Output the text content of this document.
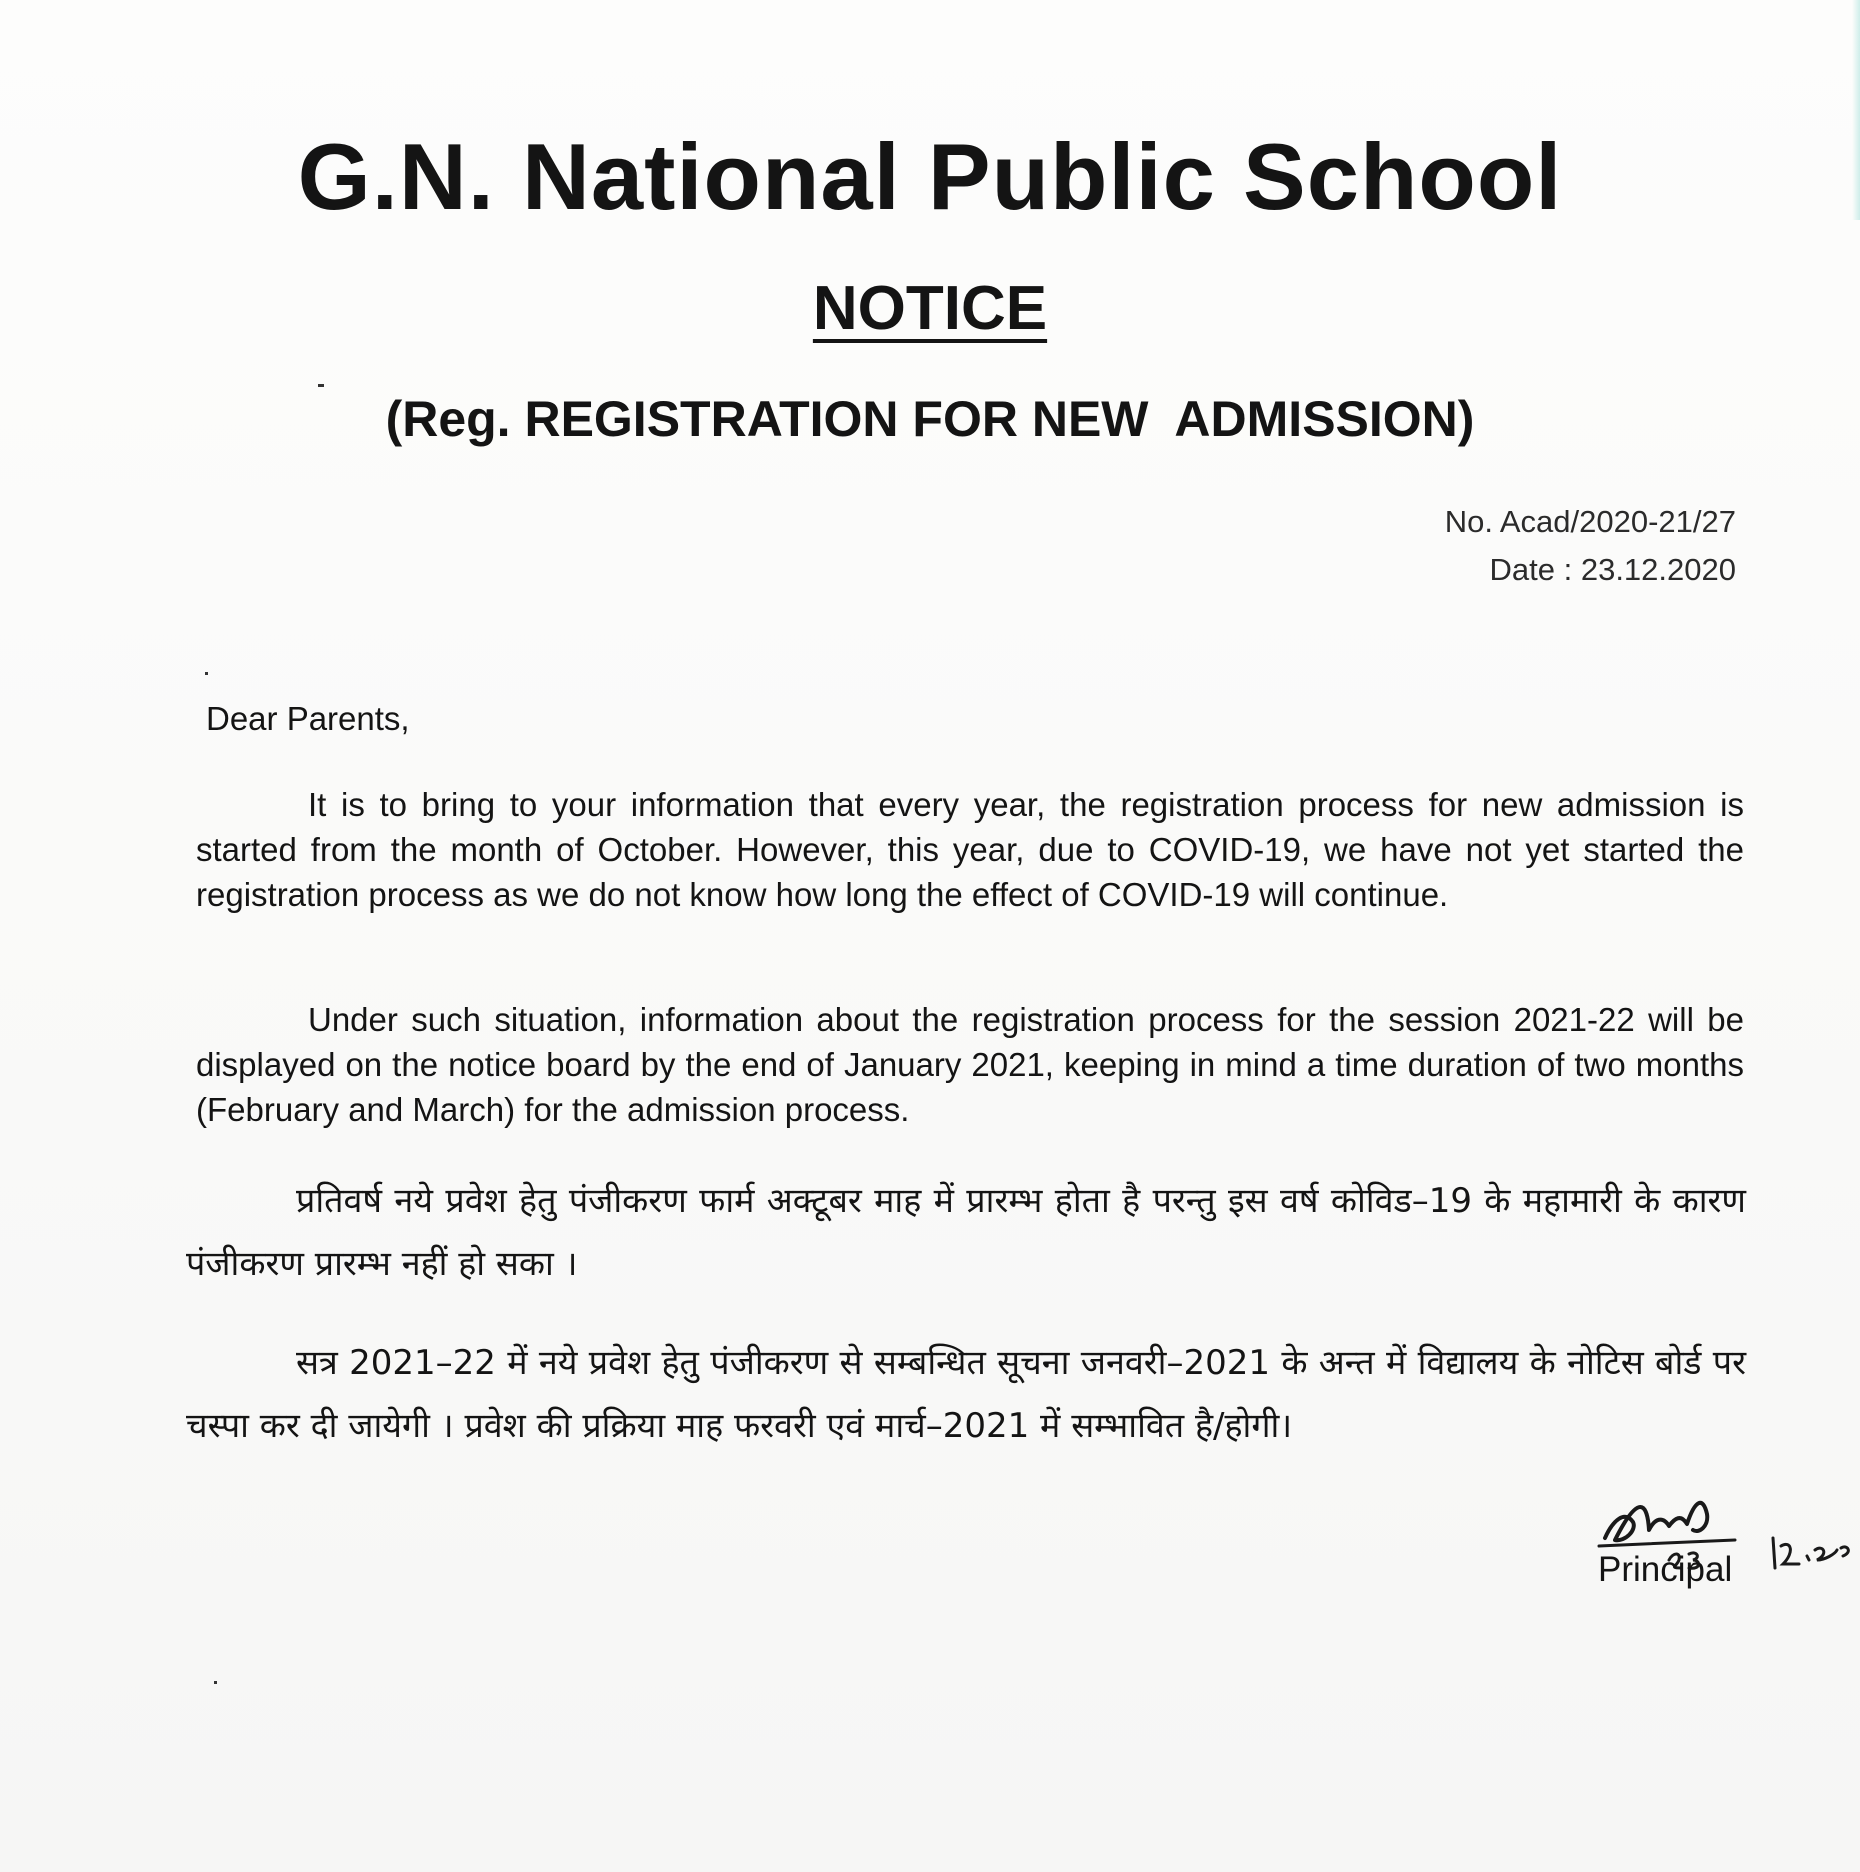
G.N. National Public School
NOTICE
(Reg. REGISTRATION FOR NEW  ADMISSION)
No. Acad/2020-21/27
Date : 23.12.2020

Dear Parents,

It is to bring to your information that every year, the registration process for new admission is started from the month of October. However, this year, due to COVID-19, we have not yet started the registration process as we do not know how long the effect of COVID-19 will continue.

Under such situation, information about the registration process for the session 2021-22 will be displayed on the notice board by the end of January 2021, keeping in mind a time duration of two months (February and March) for the admission process.

प्रतिवर्ष नये प्रवेश हेतु पंजीकरण फार्म अक्टूबर माह में प्रारम्भ होता है परन्तु इस वर्ष कोविड–19 के महामारी के कारण पंजीकरण प्रारम्भ नहीं हो सका ।

सत्र 2021–22 में नये प्रवेश हेतु पंजीकरण से सम्बन्धित सूचना जनवरी–2021 के अन्त में विद्यालय के नोटिस बोर्ड पर चस्पा कर दी जायेगी । प्रवेश की प्रक्रिया माह फरवरी एवं मार्च–2021 में सम्भावित है/होगी।

Principal
